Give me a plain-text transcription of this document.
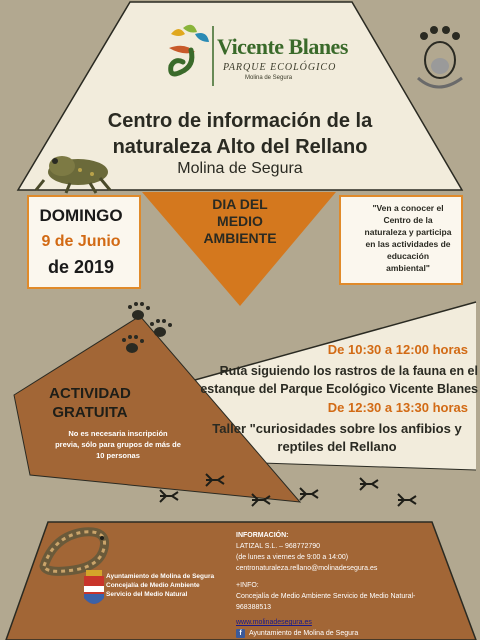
Vicente Blanes
PARQUE ECOLÓGICO
Molina de Segura
Centro de información de la
naturaleza Alto del Rellano
Molina de Segura
DOMINGO
9 de Junio
de 2019
DIA DEL
MEDIO
AMBIENTE
"Ven a conocer el
Centro de la
naturaleza y participa
en las actividades de
educación
ambiental"
De 10:30 a 12:00 horas
Ruta siguiendo los rastros de la fauna en el
estanque del Parque Ecológico Vicente Blanes
De 12:30 a 13:30 horas
Taller "curiosidades sobre los anfibios y
reptiles del Rellano
ACTIVIDAD
GRATUITA
No es necesaria inscripción
previa, sólo para grupos de más de
10 personas
INFORMACIÓN:
LATIZAL S.L. – 968772790
(de lunes a viernes de 9:00 a 14:00)
centronaturaleza.rellano@molinadesegura.es
+INFO:
Concejalía de Medio Ambiente Servicio de Medio Natural-
968388513
www.molinadesegura.es
f	Ayuntamiento de Molina de Segura
Ayuntamiento de Molina de Segura
Concejalía de Medio Ambiente
Servicio del Medio Natural
